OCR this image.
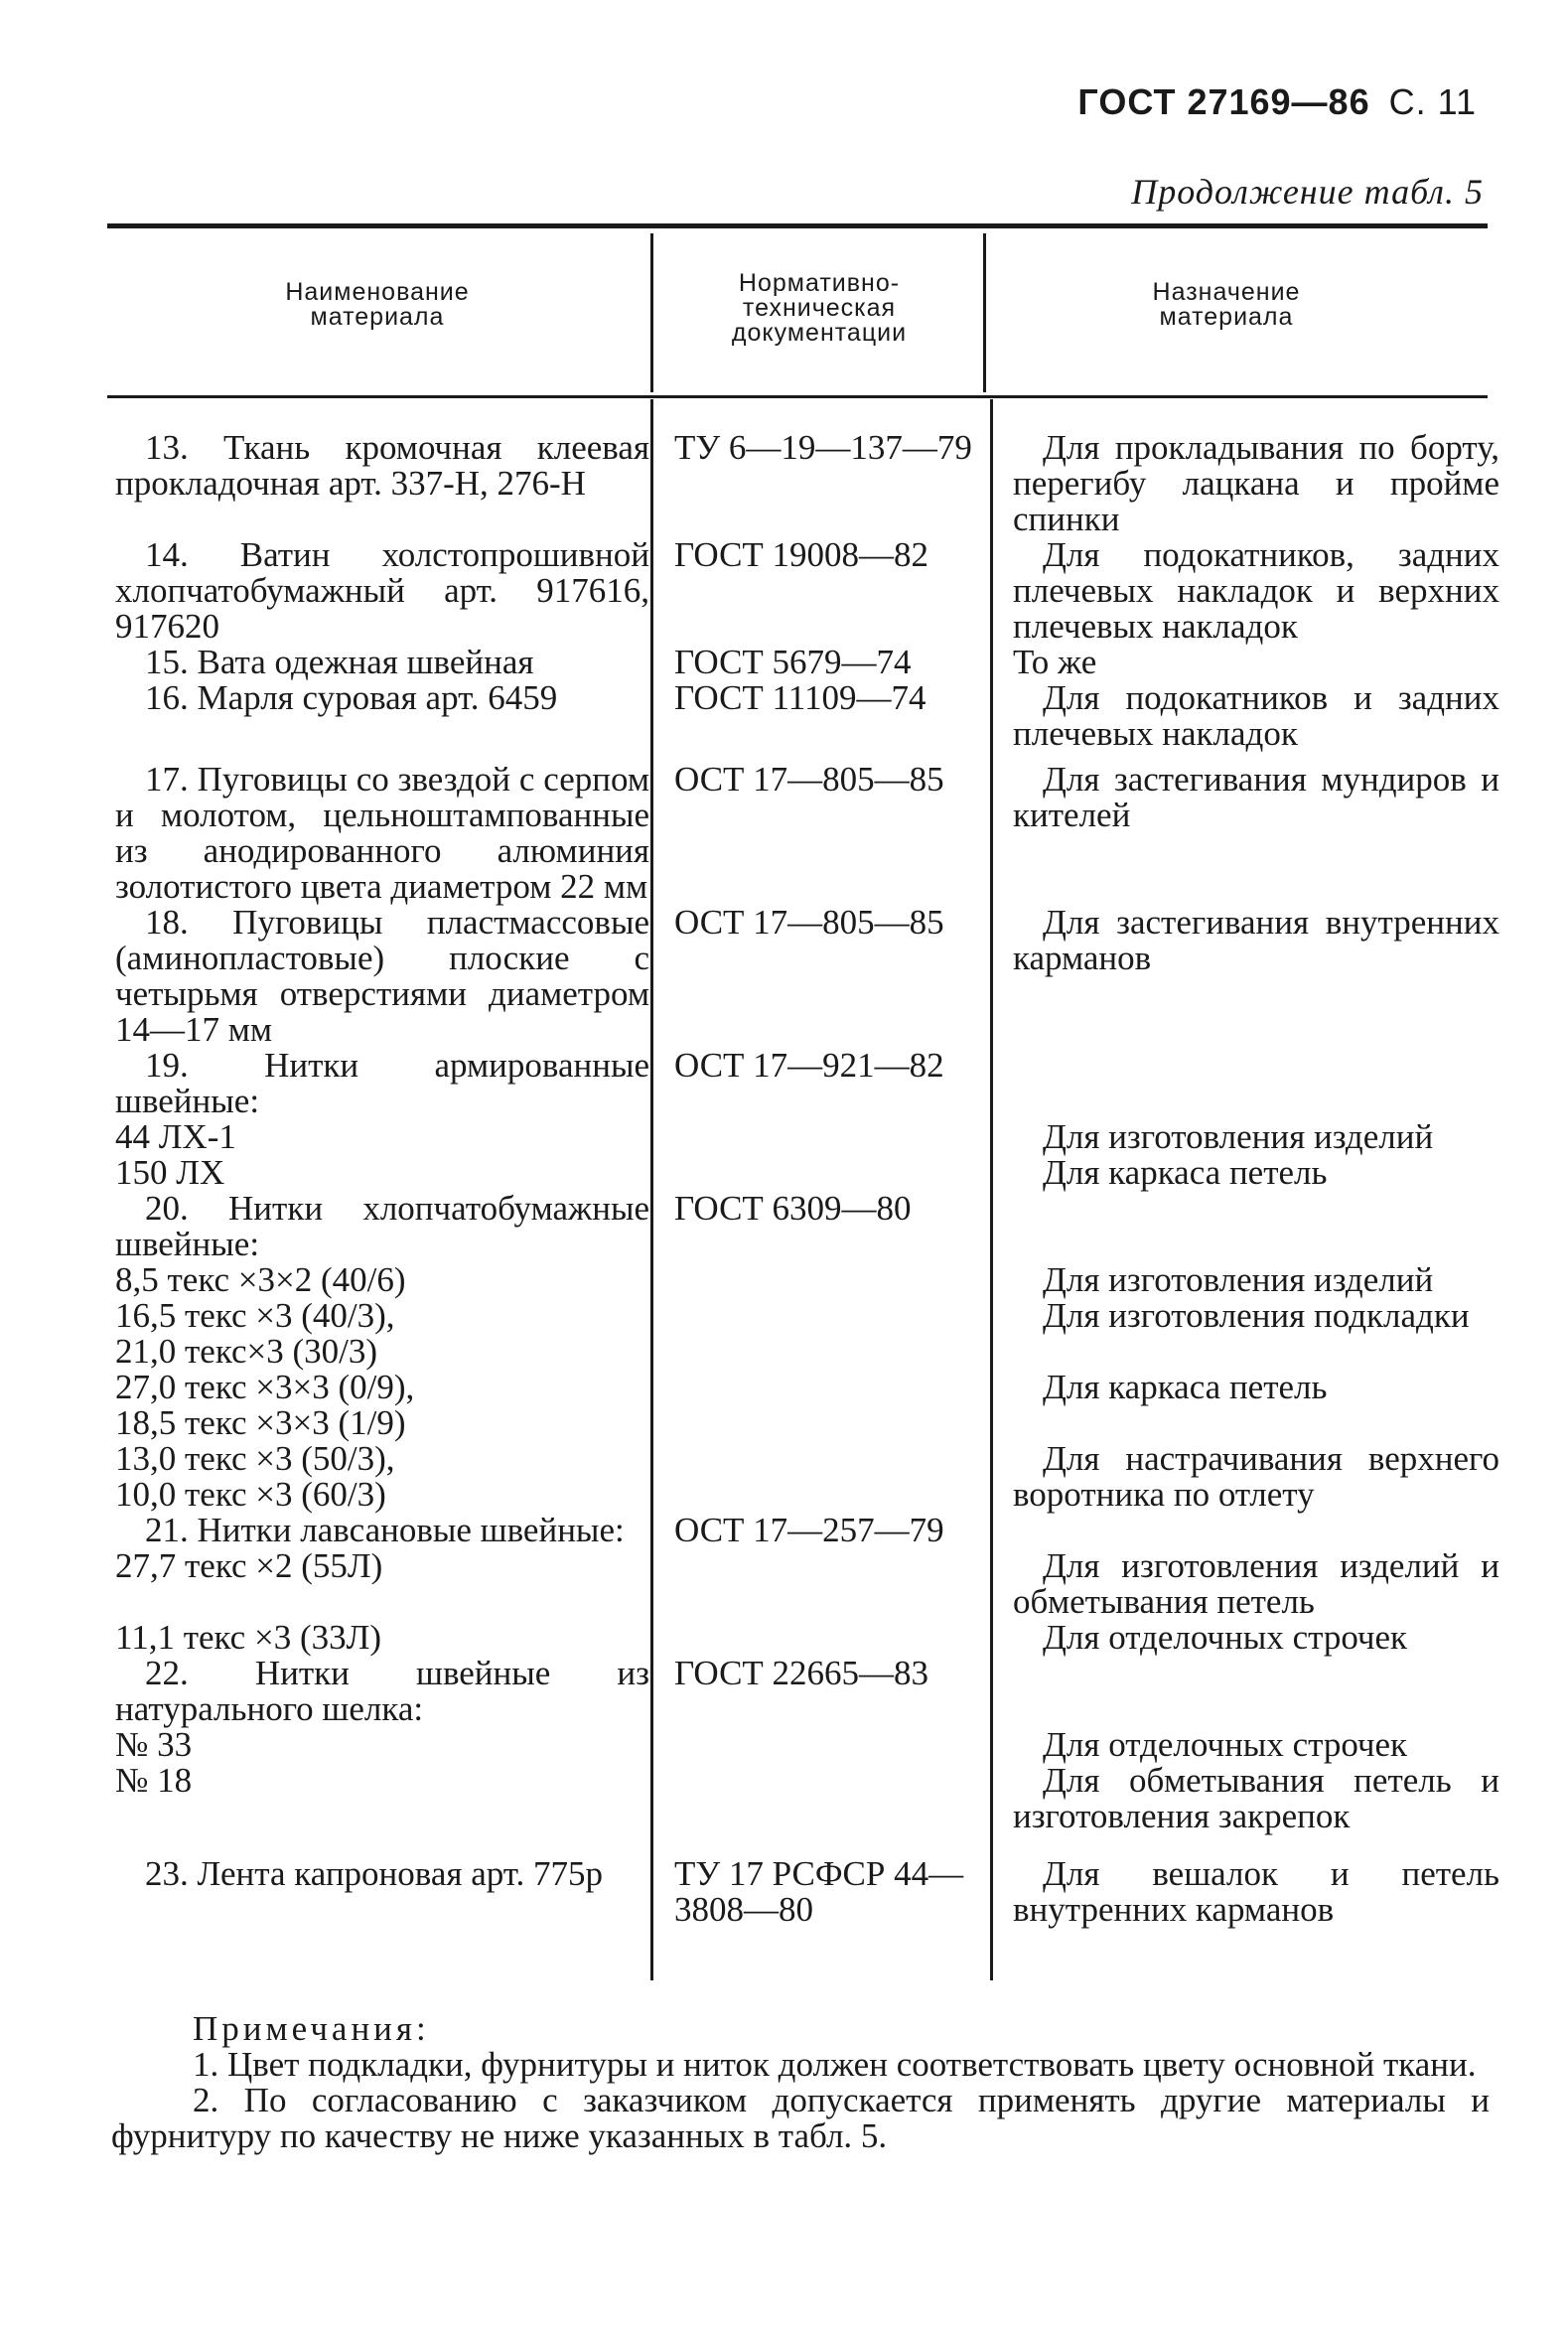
ГОСТ 27169—86 С. 11
Продолжение табл. 5
Наименование материала
Нормативно-техническая документации
Назначение материала
13. Ткань кромочная клеевая прокладочная арт. 337-Н, 276-Н	ТУ 6—19—137—79	Для прокладывания по борту, перегибу лацкана и пройме спинки
14. Ватин холстопрошивной хлопчатобумажный арт. 917616, 917620	ГОСТ 19008—82	Для подокатников, задних плечевых накладок и верхних плечевых накладок
15. Вата одежная швейная	ГОСТ 5679—74	То же
16. Марля суровая арт. 6459	ГОСТ 11109—74	Для подокатников и задних плечевых накладок
17. Пуговицы со звездой с серпом и молотом, цельноштампованные из анодированного алюминия золотистого цвета диаметром 22 мм	ОСТ 17—805—85	Для застегивания мундиров и кителей
18. Пуговицы пластмассовые (аминопластовые) плоские с четырьмя отверстиями диаметром 14—17 мм	ОСТ 17—805—85	Для застегивания внутренних карманов
19. Нитки армированные швейные:	ОСТ 17—921—82	
44 ЛХ-1		Для изготовления изделий
150 ЛХ		Для каркаса петель
20. Нитки хлопчатобумажные швейные:	ГОСТ 6309—80	
8,5 текс ×3×2 (40/6)		Для изготовления изделий

16,5 текс ×3 (40/3),
21,0 текс×3 (30/3)		Для изготовления подкладки

27,0 текс ×3×3 (0/9),
18,5 текс ×3×3 (1/9)		Для каркаса петель

13,0 текс ×3 (50/3),
10,0 текс ×3 (60/3)		Для настрачивания верхнего воротника по отлету
21. Нитки лавсановые швейные:	ОСТ 17—257—79	
27,7 текс ×2 (55Л)		Для изготовления изделий и обметывания петель
11,1 текс ×3 (33Л)		Для отделочных строчек
22. Нитки швейные из натурального шелка:	ГОСТ 22665—83	
№ 33		Для отделочных строчек
№ 18		Для обметывания петель и изготовления закрепок
23. Лента капроновая арт. 775р	ТУ 17 РСФСР 44—3808—80	Для вешалок и петель внутренних карманов
Примечания:
1. Цвет подкладки, фурнитуры и ниток должен соответствовать цвету основной ткани.
2. По согласованию с заказчиком допускается применять другие материалы и фурнитуру по качеству не ниже указанных в табл. 5.
